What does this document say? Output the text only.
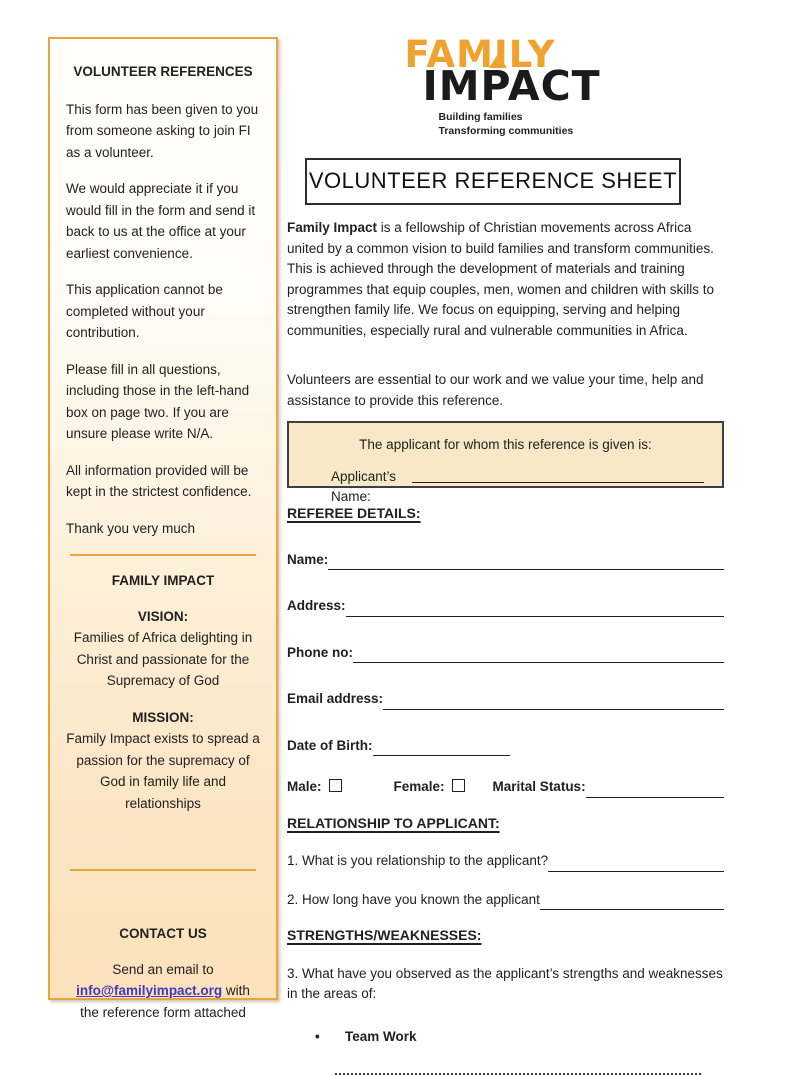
VOLUNTEER REFERENCES

This form has been given to you from someone asking to join FI as a volunteer.

We would appreciate it if you would fill in the form and send it back to us at the office at your earliest convenience.

This application cannot be completed without your contribution.

Please fill in all questions, including those in the left-hand box on page two. If you are unsure please write N/A.

All information provided will be kept in the strictest confidence.

Thank you very much

FAMILY IMPACT
VISION:

Families of Africa delighting in Christ and passionate for the Supremacy of God

MISSION:

Family Impact exists to spread a passion for the supremacy of God in family life and relationships

CONTACT US

Send an email to info@familyimpact.org with the reference form attached

FAMILY
IMPACT
Building families
Transforming communities
VOLUNTEER REFERENCE SHEET

Family Impact is a fellowship of Christian movements across Africa united by a common vision to build families and transform communities. This is achieved through the development of materials and training programmes that equip couples, men, women and children with skills to strengthen family life. We focus on equipping, serving and helping communities, especially rural and vulnerable communities in Africa.

Volunteers are essential to our work and we value your time, help and assistance to provide this reference.

The applicant for whom this reference is given is:
Applicant’s Name:
REFEREE DETAILS:
Name:
Address:
Phone no:
Email address:
Date of Birth:
Male:	Female:	Marital Status:
RELATIONSHIP TO APPLICANT:
1. What is you relationship to the applicant?
2. How long have you known the applicant
STRENGTHS/WEAKNESSES:

3. What have you observed as the applicant’s strengths and weaknesses in the areas of:

•	Team Work
